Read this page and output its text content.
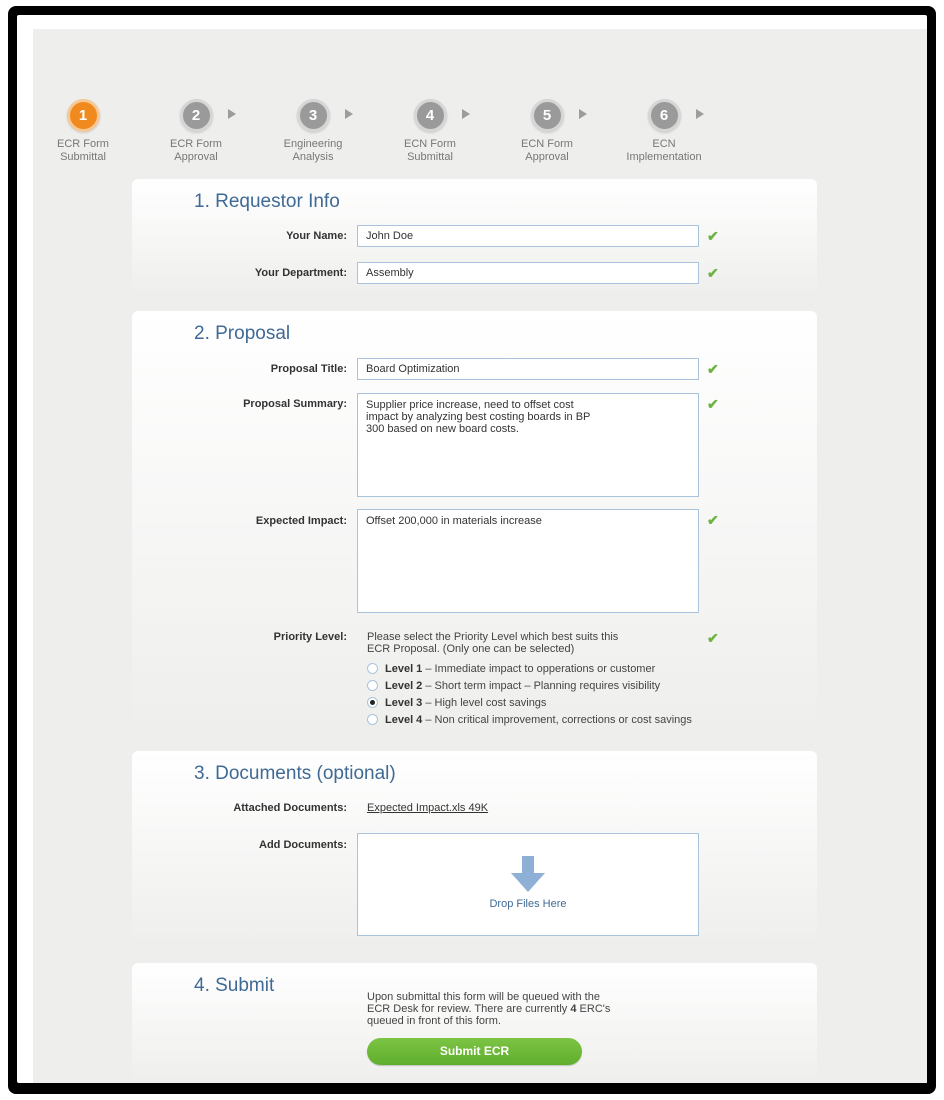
1
ECR Form
Submittal
2
ECR Form
Approval
3
Engineering
Analysis
4
ECN Form
Submittal
5
ECN Form
Approval
6
ECN
Implementation
1. Requestor Info
Your Name:	John Doe	✔
Your Department:	Assembly	✔
2. Proposal
Proposal Title:	Board Optimization	✔
Proposal Summary:	Supplier price increase, need to offset cost
impact by analyzing best costing boards in BP
300 based on new board costs.
✔
Expected Impact:	Offset 200,000 in materials increase	✔
Priority Level: Please select the Priority Level which best suits this
ECR Proposal. (Only one can be selected)
✔
Level 1 – Immediate impact to opperations or customer
Level 2 – Short term impact – Planning requires visibility
Level 3 – High level cost savings
Level 4 – Non critical improvement, corrections or cost savings
3. Documents (optional)
Attached Documents: Expected Impact.xls 49K
Add Documents:
Drop Files Here
4. Submit
Upon submittal this form will be queued with the
ECR Desk for review. There are currently 4 ERC's
queued in front of this form.
Submit ECR
